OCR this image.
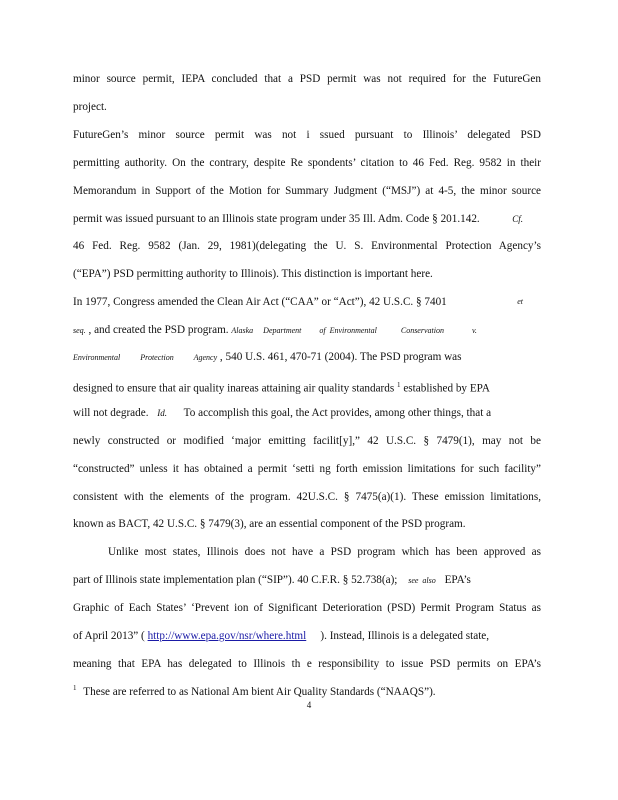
minor source permit, IEPA concluded that a PSD permit was not required for the FutureGen
project.
FutureGen’s minor source permit was not i ssued pursuant to Illinois’ delegated PSD
permitting authority. On the contrary, despite Re spondents’ citation to 46 Fed. Reg. 9582 in their
Memorandum in Support of the Motion for Summary Judgment (“MSJ”) at 4-5, the minor source
permit was issued pursuant to an Illinois state program under 35 Ill. Adm. Code § 201.142.	Cf.
46 Fed. Reg. 9582 (Jan. 29, 1981)(delegating the U. S. Environmental Protection Agency’s
(“EPA”) PSD permitting authority to Illinois). This distinction is important here.
In 1977, Congress amended the Clean Air Act (“CAA” or “Act”), 42 U.S.C. § 7401	et
seq. , and created the PSD program. Alaska     Department         of  Environmental            Conservation              v.
Environmental          Protection          Agency , 540 U.S. 461, 470-71 (2004). The PSD program was
designed to ensure that air quality inareas attaining air quality standards $^1$ established by EPA
will not degrade. Id. To accomplish this goal, the Act provides, among other things, that a
newly constructed or modified ‘major emitting facilit[y],” 42 U.S.C. § 7479(1), may not be
“constructed” unless it has obtained a permit ‘setti ng forth emission limitations for such facility”
consistent with the elements of the program. 42U.S.C. § 7475(a)(1). These emission limitations,
known as BACT, 42 U.S.C. § 7479(3), are an essential component of the PSD program.
Unlike most states, Illinois does not have a PSD program which has been approved as
part of Illinois state implementation plan (“SIP”). 40 C.F.R. § 52.738(a); see  also EPA’s
Graphic of Each States’ ‘Prevent ion of Significant Deterioration (PSD) Permit Program Status as
of April 2013” ( http://www.epa.gov/nsr/where.html ). Instead, Illinois is a delegated state,
meaning that EPA has delegated to Illinois th e responsibility to issue PSD permits on EPA’s
$^1$ These are referred to as National Am bient Air Quality Standards (“NAAQS”).
4
